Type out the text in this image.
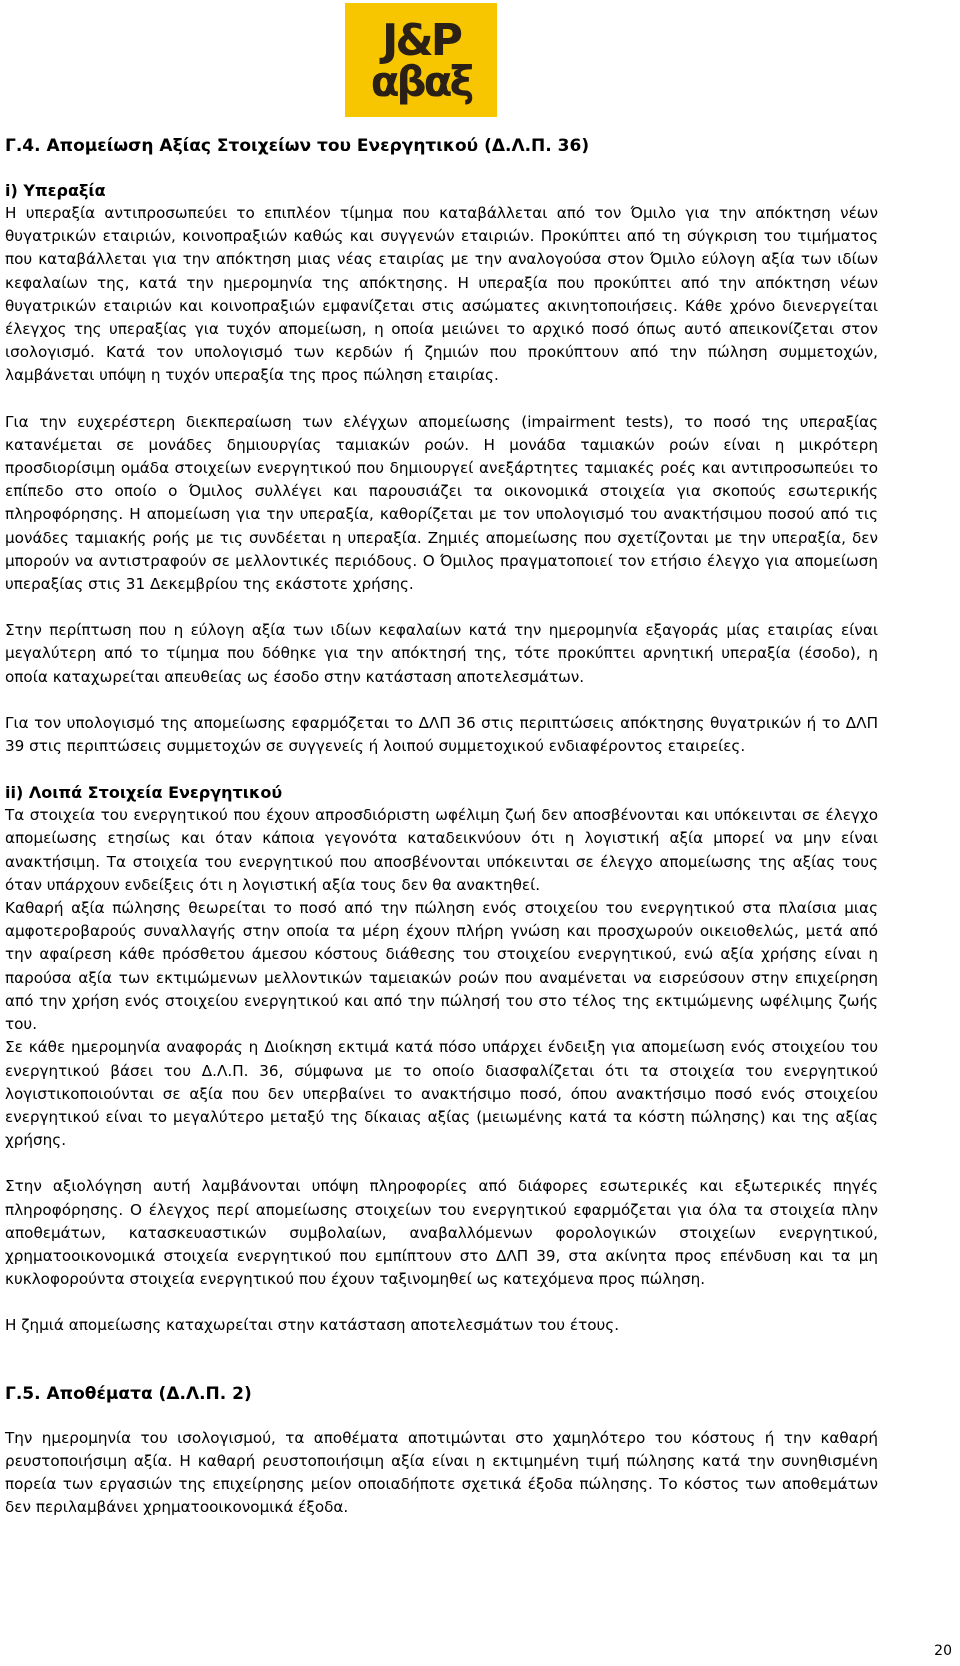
J&P
αβαξ
Γ.4. Απομείωση Αξίας Στοιχείων του Ενεργητικού (Δ.Λ.Π. 36)
i) Υπεραξία

Η υπεραξία αντιπροσωπεύει το επιπλέον τίμημα που καταβάλλεται από τον Όμιλο για την απόκτηση νέων θυγατρικών εταιριών, κοινοπραξιών καθώς και συγγενών εταιριών. Προκύπτει από τη σύγκριση του τιμήματος που καταβάλλεται για την απόκτηση μιας νέας εταιρίας με την αναλογούσα στον Όμιλο εύλογη αξία των ιδίων κεφαλαίων της, κατά την ημερομηνία της απόκτησης. Η υπεραξία που προκύπτει από την απόκτηση νέων θυγατρικών εταιριών και κοινοπραξιών εμφανίζεται στις ασώματες ακινητοποιήσεις. Κάθε χρόνο διενεργείται έλεγχος της υπεραξίας για τυχόν απομείωση, η οποία μειώνει το αρχικό ποσό όπως αυτό απεικονίζεται στον ισολογισμό. Κατά τον υπολογισμό των κερδών ή ζημιών που προκύπτουν από την πώληση συμμετοχών, λαμβάνεται υπόψη η τυχόν υπεραξία της προς πώληση εταιρίας.

Για την ευχερέστερη διεκπεραίωση των ελέγχων απομείωσης (impairment tests), το ποσό της υπεραξίας κατανέμεται σε μονάδες δημιουργίας ταμιακών ροών. Η μονάδα ταμιακών ροών είναι η μικρότερη προσδιορίσιμη ομάδα στοιχείων ενεργητικού που δημιουργεί ανεξάρτητες ταμιακές ροές και αντιπροσωπεύει το επίπεδο στο οποίο ο Όμιλος συλλέγει και παρουσιάζει τα οικονομικά στοιχεία για σκοπούς εσωτερικής πληροφόρησης. Η απομείωση για την υπεραξία, καθορίζεται με τον υπολογισμό του ανακτήσιμου ποσού από τις μονάδες ταμιακής ροής με τις συνδέεται η υπεραξία. Ζημιές απομείωσης που σχετίζονται με την υπεραξία, δεν μπορούν να αντιστραφούν σε μελλοντικές περιόδους. Ο Όμιλος πραγματοποιεί τον ετήσιο έλεγχο για απομείωση υπεραξίας στις 31 Δεκεμβρίου της εκάστοτε χρήσης.

Στην περίπτωση που η εύλογη αξία των ιδίων κεφαλαίων κατά την ημερομηνία εξαγοράς μίας εταιρίας είναι μεγαλύτερη από το τίμημα που δόθηκε για την απόκτησή της, τότε προκύπτει αρνητική υπεραξία (έσοδο), η οποία καταχωρείται απευθείας ως έσοδο στην κατάσταση αποτελεσμάτων.

Για τον υπολογισμό της απομείωσης εφαρμόζεται το ΔΛΠ 36 στις περιπτώσεις απόκτησης θυγατρικών ή το ΔΛΠ 39 στις περιπτώσεις συμμετοχών σε συγγενείς ή λοιπού συμμετοχικού ενδιαφέροντος εταιρείες.

ii) Λοιπά Στοιχεία Ενεργητικού

Τα στοιχεία του ενεργητικού που έχουν απροσδιόριστη ωφέλιμη ζωή δεν αποσβένονται και υπόκεινται σε έλεγχο απομείωσης ετησίως και όταν κάποια γεγονότα καταδεικνύουν ότι η λογιστική αξία μπορεί να μην είναι ανακτήσιμη. Τα στοιχεία του ενεργητικού που αποσβένονται υπόκεινται σε έλεγχο απομείωσης της αξίας τους όταν υπάρχουν ενδείξεις ότι η λογιστική αξία τους δεν θα ανακτηθεί.

Καθαρή αξία πώλησης θεωρείται το ποσό από την πώληση ενός στοιχείου του ενεργητικού στα πλαίσια μιας αμφοτεροβαρούς συναλλαγής στην οποία τα μέρη έχουν πλήρη γνώση και προσχωρούν οικειοθελώς, μετά από την αφαίρεση κάθε πρόσθετου άμεσου κόστους διάθεσης του στοιχείου ενεργητικού, ενώ αξία χρήσης είναι η παρούσα αξία των εκτιμώμενων μελλοντικών ταμειακών ροών που αναμένεται να εισρεύσουν στην επιχείρηση από την χρήση ενός στοιχείου ενεργητικού και από την πώλησή του στο τέλος της εκτιμώμενης ωφέλιμης ζωής του.

Σε κάθε ημερομηνία αναφοράς η Διοίκηση εκτιμά κατά πόσο υπάρχει ένδειξη για απομείωση ενός στοιχείου του ενεργητικού βάσει του Δ.Λ.Π. 36, σύμφωνα με το οποίο διασφαλίζεται ότι τα στοιχεία του ενεργητικού λογιστικοποιούνται σε αξία που δεν υπερβαίνει το ανακτήσιμο ποσό, όπου ανακτήσιμο ποσό ενός στοιχείου ενεργητικού είναι το μεγαλύτερο μεταξύ της δίκαιας αξίας (μειωμένης κατά τα κόστη πώλησης) και της αξίας χρήσης.

Στην αξιολόγηση αυτή λαμβάνονται υπόψη πληροφορίες από διάφορες εσωτερικές και εξωτερικές πηγές πληροφόρησης. Ο έλεγχος περί απομείωσης στοιχείων του ενεργητικού εφαρμόζεται για όλα τα στοιχεία πλην αποθεμάτων, κατασκευαστικών συμβολαίων, αναβαλλόμενων φορολογικών στοιχείων ενεργητικού, χρηματοοικονομικά στοιχεία ενεργητικού που εμπίπτουν στο ΔΛΠ 39, στα ακίνητα προς επένδυση και τα μη κυκλοφορούντα στοιχεία ενεργητικού που έχουν ταξινομηθεί ως κατεχόμενα προς πώληση.

Η ζημιά απομείωσης καταχωρείται στην κατάσταση αποτελεσμάτων του έτους.

Γ.5. Αποθέματα (Δ.Λ.Π. 2)

Την ημερομηνία του ισολογισμού, τα αποθέματα αποτιμώνται στο χαμηλότερο του κόστους ή την καθαρή ρευστοποιήσιμη αξία. Η καθαρή ρευστοποιήσιμη αξία είναι η εκτιμημένη τιμή πώλησης κατά την συνηθισμένη πορεία των εργασιών της επιχείρησης μείον οποιαδήποτε σχετικά έξοδα πώλησης. Το κόστος των αποθεμάτων δεν περιλαμβάνει χρηματοοικονομικά έξοδα.

20
